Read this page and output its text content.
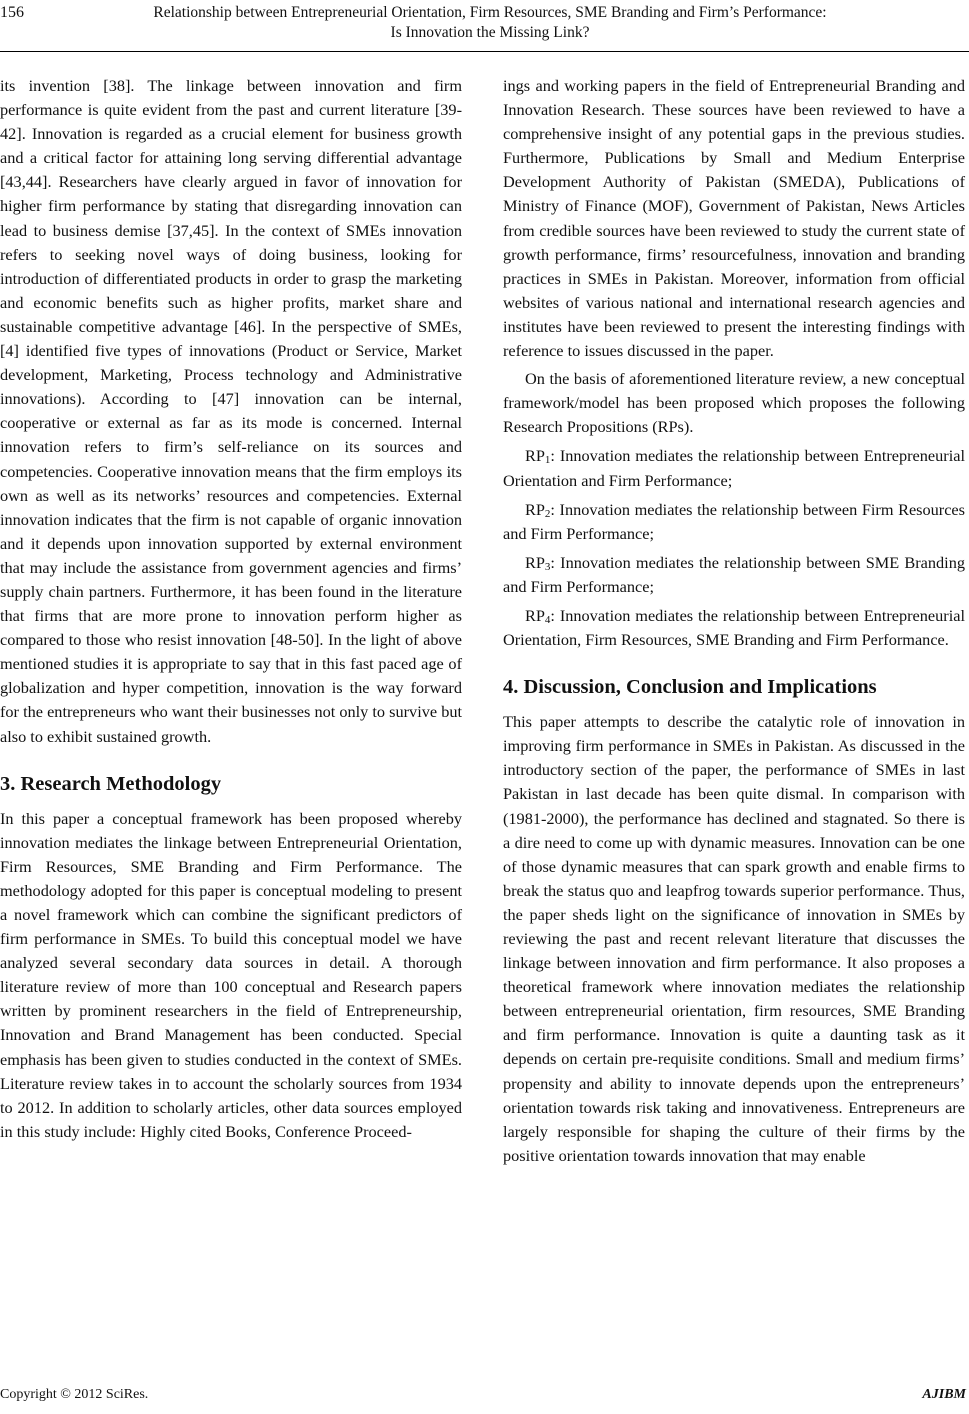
156	Relationship between Entrepreneurial Orientation, Firm Resources, SME Branding and Firm’s Performance:
Is Innovation the Missing Link?

its invention [38]. The linkage between innovation and firm performance is quite evident from the past and current literature [39-42]. Innovation is regarded as a crucial element for business growth and a critical factor for attaining long serving differential advantage [43,44]. Researchers have clearly argued in favor of innovation for higher firm performance by stating that disregarding innovation can lead to business demise [37,45]. In the context of SMEs innovation refers to seeking novel ways of doing business, looking for introduction of differentiated products in order to grasp the marketing and economic benefits such as higher profits, market share and sustainable competitive advantage [46]. In the perspective of SMEs, [4] identified five types of innovations (Product or Service, Market development, Marketing, Process technology and Administrative innovations). According to [47] innovation can be internal, cooperative or external as far as its mode is concerned. Internal innovation refers to firm’s self-reliance on its sources and competencies. Cooperative innovation means that the firm employs its own as well as its networks’ resources and competencies. External innovation indicates that the firm is not capable of organic innovation and it depends upon innovation supported by external environment that may include the assistance from government agencies and firms’ supply chain partners. Furthermore, it has been found in the literature that firms that are more prone to innovation perform higher as compared to those who resist innovation [48-50]. In the light of above mentioned studies it is appropriate to say that in this fast paced age of globalization and hyper competition, innovation is the way forward for the entrepreneurs who want their businesses not only to survive but also to exhibit sustained growth.

3. Research Methodology

In this paper a conceptual framework has been proposed whereby innovation mediates the linkage between Entrepreneurial Orientation, Firm Resources, SME Branding and Firm Performance. The methodology adopted for this paper is conceptual modeling to present a novel framework which can combine the significant predictors of firm performance in SMEs. To build this conceptual model we have analyzed several secondary data sources in detail. A thorough literature review of more than 100 conceptual and Research papers written by prominent researchers in the field of Entrepreneurship, Innovation and Brand Management has been conducted. Special emphasis has been given to studies conducted in the context of SMEs. Literature review takes in to account the scholarly sources from 1934 to 2012. In addition to scholarly articles, other data sources employed in this study include: Highly cited Books, Conference Proceed-

ings and working papers in the field of Entrepreneurial Branding and Innovation Research. These sources have been reviewed to have a comprehensive insight of any potential gaps in the previous studies. Furthermore, Publications by Small and Medium Enterprise Development Authority of Pakistan (SMEDA), Publications of Ministry of Finance (MOF), Government of Pakistan, News Articles from credible sources have been reviewed to study the current state of growth performance, firms’ resourcefulness, innovation and branding practices in SMEs in Pakistan. Moreover, information from official websites of various national and international research agencies and institutes have been reviewed to present the interesting findings with reference to issues discussed in the paper.

On the basis of aforementioned literature review, a new conceptual framework/model has been proposed which proposes the following Research Propositions (RPs).

$RP_1$: Innovation mediates the relationship between Entrepreneurial Orientation and Firm Performance;

$RP_2$: Innovation mediates the relationship between Firm Resources and Firm Performance;

$RP_3$: Innovation mediates the relationship between SME Branding and Firm Performance;

$RP_4$: Innovation mediates the relationship between Entrepreneurial Orientation, Firm Resources, SME Branding and Firm Performance.

4. Discussion, Conclusion and Implications

This paper attempts to describe the catalytic role of innovation in improving firm performance in SMEs in Pakistan. As discussed in the introductory section of the paper, the performance of SMEs in last Pakistan in last decade has been quite dismal. In comparison with (1981-2000), the performance has declined and stagnated. So there is a dire need to come up with dynamic measures. Innovation can be one of those dynamic measures that can spark growth and enable firms to break the status quo and leapfrog towards superior performance. Thus, the paper sheds light on the significance of innovation in SMEs by reviewing the past and recent relevant literature that discusses the linkage between innovation and firm performance. It also proposes a theoretical framework where innovation mediates the relationship between entrepreneurial orientation, firm resources, SME Branding and firm performance. Innovation is quite a daunting task as it depends on certain pre-requisite conditions. Small and medium firms’ propensity and ability to innovate depends upon the entrepreneurs’ orientation towards risk taking and innovativeness. Entrepreneurs are largely responsible for shaping the culture of their firms by the positive orientation towards innovation that may enable

Copyright © 2012 SciRes.	AJIBM
